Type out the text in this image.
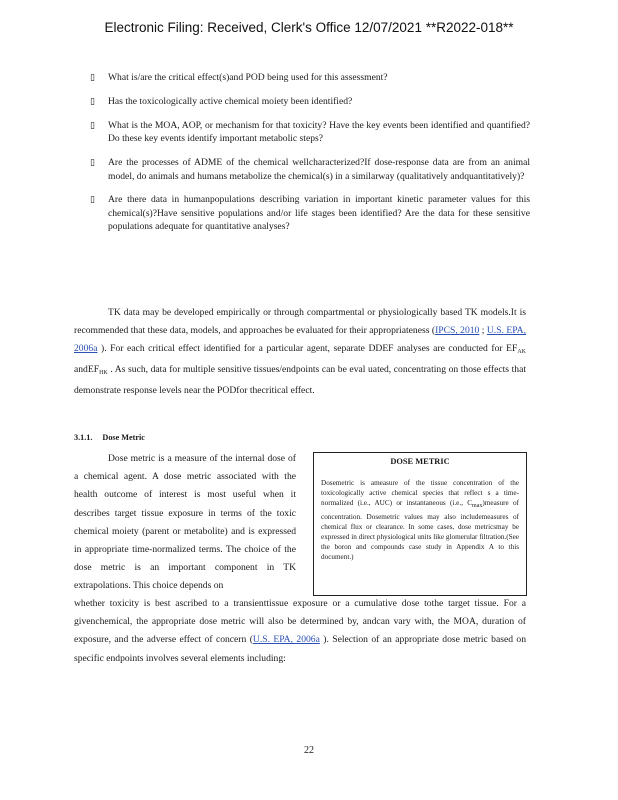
Electronic Filing: Received, Clerk's Office 12/07/2021 **R2022-018**
▯	What is/are the critical effect(s)and POD being used for this assessment?
▯	Has the toxicologically active chemical moiety been identified?
▯	What is the MOA, AOP, or mechanism for that toxicity? Have the key events been identified and quantified? Do these key events identify important metabolic steps?
▯	Are the processes of ADME of the chemical wellcharacterized?If dose-response data are from an animal model, do animals and humans metabolize the chemical(s) in a similarway (qualitatively andquantitatively)?
▯	Are there data in humanpopulations describing variation in important kinetic parameter values for this chemical(s)?Have sensitive populations and/or life stages been identified? Are the data for these sensitive populations adequate for quantitative analyses?
TK data may be developed empirically or through compartmental or physiologically based TK models.It is recommended that these data, models, and approaches be evaluated for their appropriateness (IPCS, 2010 ; U.S. EPA, 2006a ). For each critical effect identified for a particular agent, separate DDEF analyses are conducted for $EF_{AK}$ andEF$_{HK}$ . As such, data for multiple sensitive tissues/endpoints can be eval uated, concentrating on those effects that demonstrate response levels near the PODfor thecritical effect.
3.1.1. Dose Metric
Dose metric is a measure of the internal dose of a chemical agent. A dose metric associated with the health outcome of interest is most useful when it describes target tissue exposure in terms of the toxic chemical moiety (parent or metabolite) and is expressed in appropriate time-normalized terms. The choice of the dose metric is an important component in TK extrapolations. This choice depends on
DOSE METRIC
Dosemetric is ameasure of the tissue concentration of the toxicologically active chemical species that reflect s a time-normalized (i.e., AUC) or instantaneous (i.e., $C_{max})measure$ of concentration. Dosemetric values may also includemeasures of chemical flux or clearance. In some cases, dose metricsmay be expressed in direct physiological units like glomerular filtration.(See the boron and compounds case study in Appendix A to this document.)
whether toxicity is best ascribed to a transienttissue exposure or a cumulative dose tothe target tissue. For a givenchemical, the appropriate dose metric will also be determined by, andcan vary with, the MOA, duration of exposure, and the adverse effect of concern (U.S. EPA, 2006a ). Selection of an appropriate dose metric based on specific endpoints involves several elements including:
22
